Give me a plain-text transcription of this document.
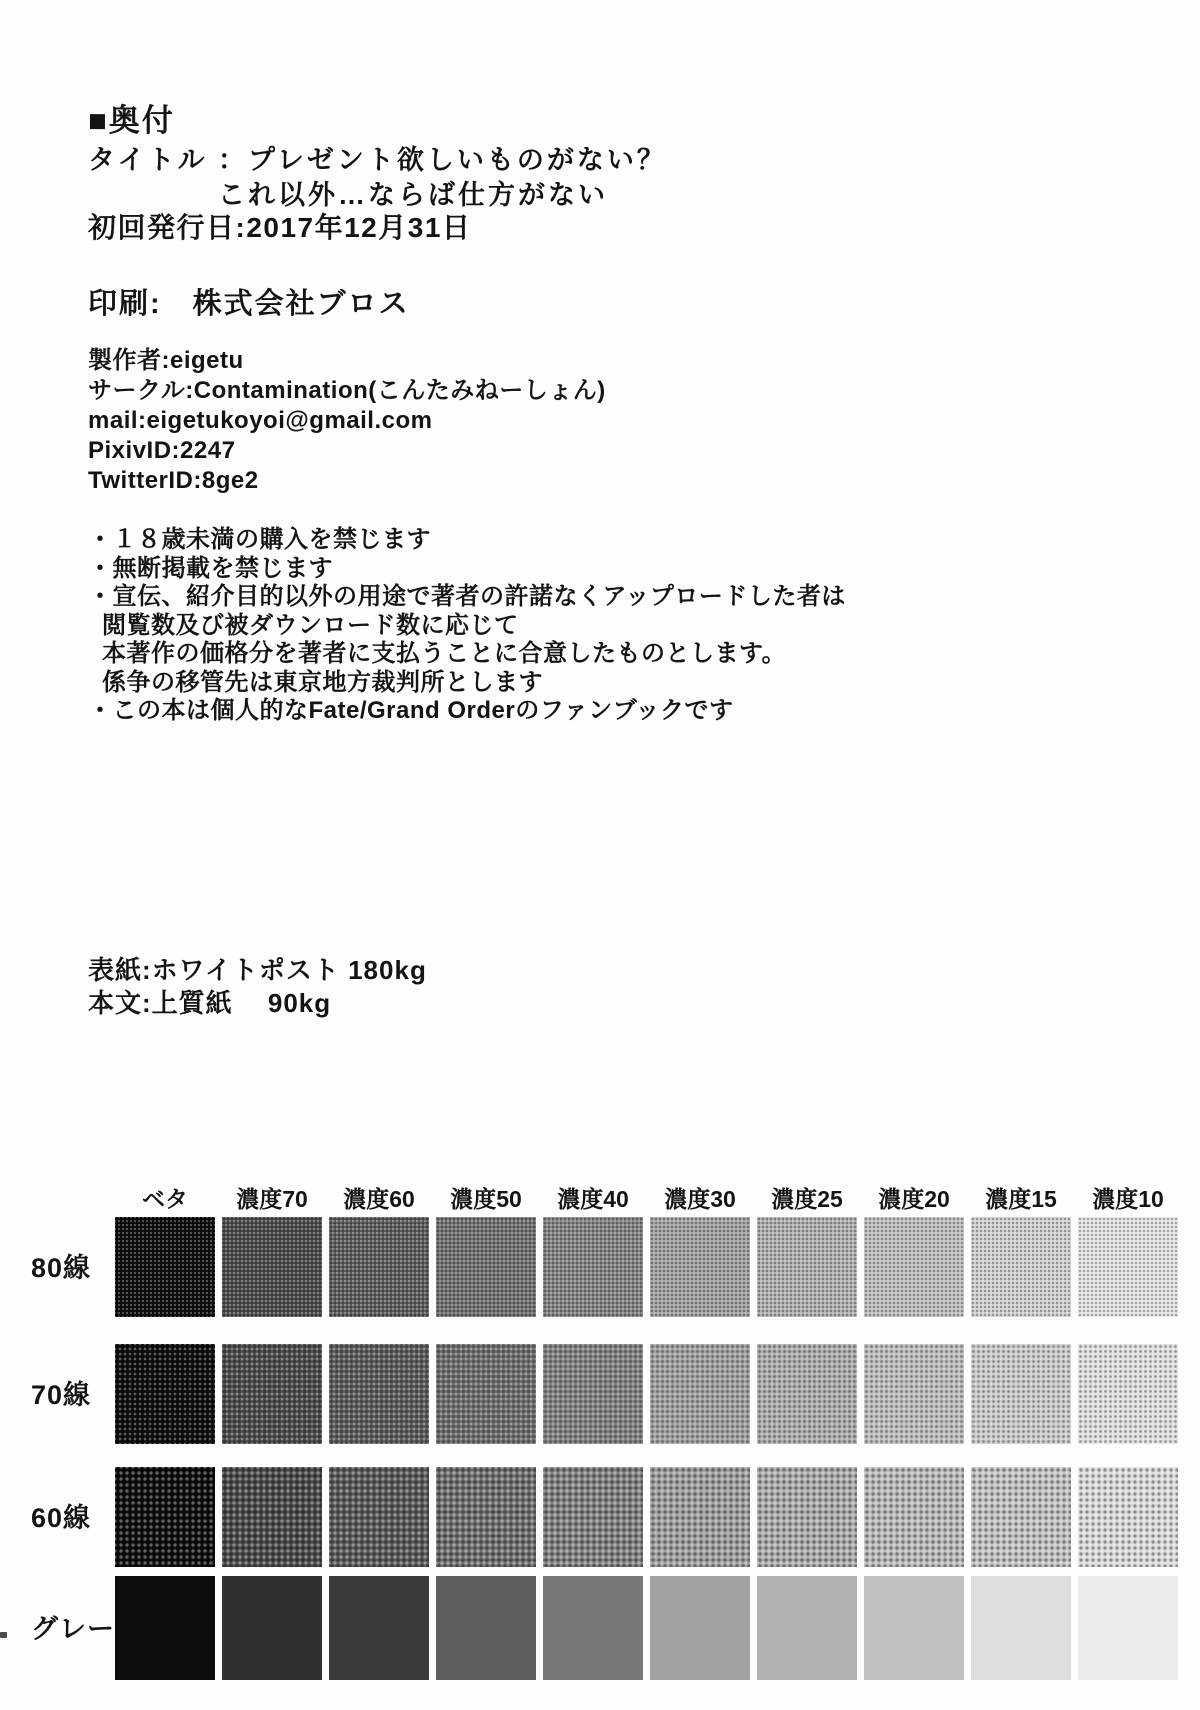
■奥付
タイトル ：プレゼント欲しいものがない？
これ以外…ならば仕方がない
初回発行日:2017年12月31日
印刷:　株式会社ブロス
製作者:eigetu
サークル:Contamination(こんたみねーしょん)
mail:eigetukoyoi@gmail.com
PixivID:2247
TwitterID:8ge2
・１８歳未満の購入を禁じます
・無断掲載を禁じます
・宣伝、紹介目的以外の用途で著者の許諾なくアップロードした者は
閲覧数及び被ダウンロード数に応じて
本著作の価格分を著者に支払うことに合意したものとします。
係争の移管先は東京地方裁判所とします
・この本は個人的なFate/Grand Orderのファンブックです
表紙:ホワイトポスト 180kg
本文:上質紙　 90kg
ベタ	濃度70	濃度60	濃度50	濃度40	濃度30	濃度25	濃度20	濃度15	濃度10
80線
70線
60線
グレー
